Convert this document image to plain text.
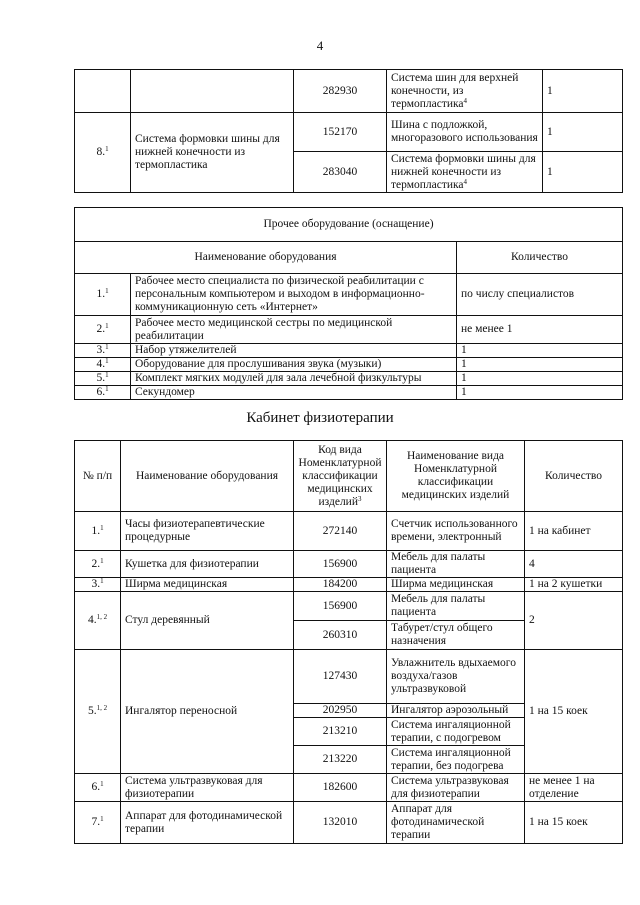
4
		282930	Система шин для верхней конечности, из термопластика$^4$	1
8.$^1$	Система формовки шины для нижней конечности из термопластика	152170	Шина с подложкой, многоразового использования	1
		283040	Система формовки шины для нижней конечности из термопластика$^4$	1
Прочее оборудование (оснащение)		
Наименование оборудования		Количество
1.$^1$	Рабочее место специалиста по физической реабилитации с персональным компьютером и выходом в информационно-коммуникационную сеть «Интернет»	по числу специалистов
2.$^1$	Рабочее место медицинской сестры по медицинской реабилитации	не менее 1
3.$^1$	Набор утяжелителей	1
4.$^1$	Оборудование для прослушивания звука (музыки)	1
5.$^1$	Комплект мягких модулей для зала лечебной физкультуры	1
6.$^1$	Секундомер	1
Кабинет физиотерапии
№ п/п	Наименование оборудования	Код вида Номенклатурной классификации медицинских изделий$^3$	Наименование вида Номенклатурной классификации медицинских изделий	Количество
1.$^1$	Часы физиотерапевтические процедурные	272140	Счетчик использованного времени, электронный	1 на кабинет
2.$^1$	Кушетка для физиотерапии	156900	Мебель для палаты пациента	4
3.$^1$	Ширма медицинская	184200	Ширма медицинская	1 на 2 кушетки
4.$^{1, 2}$	Стул деревянный	156900	Мебель для палаты пациента	2
		260310	Табурет/стул общего назначения	
5.$^{1, 2}$	Ингалятор переносной	127430	Увлажнитель вдыхаемого воздуха/газов ультразвуковой	1 на 15 коек
		202950	Ингалятор аэрозольный	
		213210	Система ингаляционной терапии, с подогревом	
		213220	Система ингаляционной терапии, без подогрева	
6.$^1$	Система ультразвуковая для физиотерапии	182600	Система ультразвуковая для физиотерапии	не менее 1 на отделение
7.$^1$	Аппарат для фотодинамической терапии	132010	Аппарат для фотодинамической терапии	1 на 15 коек
